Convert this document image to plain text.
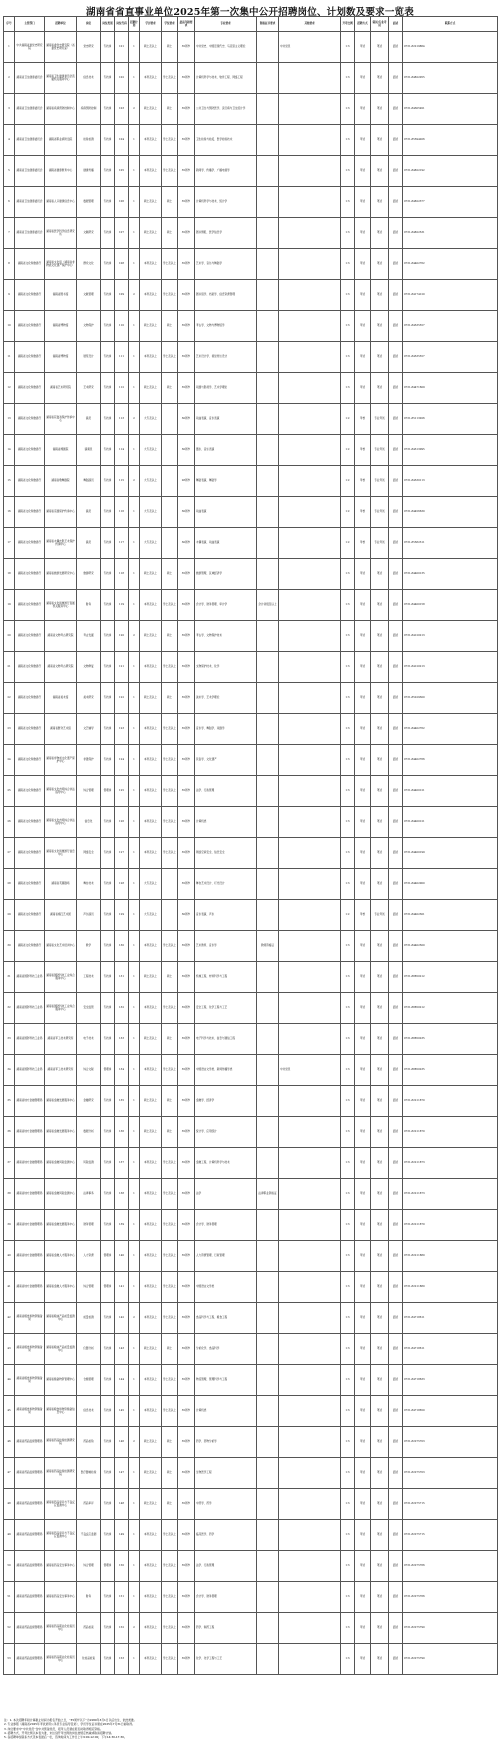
湖南省省直事业单位2025年第一次集中公开招聘岗位、计划数及要求一览表
序号	主管部门	招聘单位	岗位	岗位类别	岗位代码	招聘计划	学历要求	学位要求	最高年龄要求	专业要求	资格证书要求	其他要求	开考比例	招聘方式	笔试/专业考试	面试	联系方式
1	中共湖南省委党史研究院	湖南省委党史研究院（省委党史研究室）	党史研究	专技岗	101	1	硕士及以上	硕士	35周岁	中共党史、中国近现代史、马克思主义理论		中共党员	1:3	考试	笔试	面试	0731-82219864
2	湖南省卫生健康委员会	湖南省卫生健康委员会直属机关服务中心	信息技术	专技岗	102	1	本科及以上	学士及以上	35周岁	计算机科学与技术、软件工程、网络工程			1:3	考试	笔试	面试	0731-84822055
3	湖南省卫生健康委员会	湖南省疾病预防控制中心	疾病预防控制	专技岗	103	2	硕士及以上	硕士	35周岁	公共卫生与预防医学、流行病与卫生统计学			1:3	考试	笔试	面试	0731-84305921
4	湖南省卫生健康委员会	湖南省职业病防治院	检验检测	专技岗	104	1	本科及以上	学士及以上	35周岁	卫生检验与检疫、医学检验技术			1:3	考试	笔试	面试	0731-85594206
5	湖南省卫生健康委员会	湖南省健康教育中心	健康传播	专技岗	105	1	本科及以上	学士及以上	35周岁	新闻学、传播学、广播电视学			1:3	考试	笔试	面试	0731-84822192
6	湖南省卫生健康委员会	湖南省人口健康信息中心	数据管理	专技岗	106	1	硕士及以上	硕士	35周岁	计算机科学与技术、统计学			1:3	考试	笔试	面试	0731-84822377
7	湖南省卫生健康委员会	湖南省医学科学信息研究所	文献研究	专技岗	107	1	硕士及以上	硕士	35周岁	图书情报、医学信息学			1:3	考试	笔试	面试	0731-84822531
8	湖南省文化和旅游厅	湖南省文化馆（湖南省非物质文化遗产保护中心）	群众文化	专技岗	108	1	本科及以上	学士及以上	35周岁	艺术学、音乐与舞蹈学			1:3	考试	笔试	面试	0731-84402762
9	湖南省文化和旅游厅	湖南省图书馆	文献管理	专技岗	109	2	本科及以上	学士及以上	35周岁	图书馆学、档案学、信息资源管理			1:3	考试	笔试	面试	0731-84174120
10	湖南省文化和旅游厅	湖南省博物馆	文物保护	专技岗	110	1	硕士及以上	硕士	35周岁	考古学、文物与博物馆学			1:3	考试	笔试	面试	0731-84535557
11	湖南省文化和旅游厅	湖南省博物馆	展览设计	专技岗	111	1	本科及以上	学士及以上	35周岁	艺术设计学、视觉传达设计			1:3	考试	笔试	面试	0731-84535557
12	湖南省文化和旅游厅	湖南省艺术研究院	艺术研究	专技岗	112	1	硕士及以上	硕士	35周岁	戏剧与影视学、艺术学理论			1:3	考试	笔试	面试	0731-84471609
13	湖南省文化和旅游厅	湖南省花鼓戏保护传承中心	演员	专技岗	113	2	大专及以上		30周岁	戏曲表演、音乐表演			1:2	考核	专业考试	面试	0731-85113026
14	湖南省文化和旅游厅	湖南省湘剧院	演奏员	专技岗	114	1	大专及以上		30周岁	器乐、音乐表演			1:2	考核	专业考试	面试	0731-84313095
15	湖南省文化和旅游厅	湖南省歌舞剧院	舞蹈演员	专技岗	115	2	大专及以上		28周岁	舞蹈表演、舞蹈学			1:2	考核	专业考试	面试	0731-84530113
16	湖南省文化和旅游厅	湖南省京剧保护传承中心	演员	专技岗	116	1	大专及以上		30周岁	戏曲表演			1:2	考核	专业考试	面试	0731-84456630
17	湖南省文化和旅游厅	湖南省木偶皮影艺术保护传承中心	演员	专技岗	117	1	大专及以上		30周岁	木偶表演、戏曲表演			1:2	考核	专业考试	面试	0731-85582311
18	湖南省文化和旅游厅	湖南省旅游发展研究中心	旅游研究	专技岗	118	1	硕士及以上	硕士	35周岁	旅游管理、区域经济学			1:3	考试	笔试	面试	0731-84400135
19	湖南省文化和旅游厅	湖南省文化和旅游厅直属机关服务中心	财务	专技岗	119	1	本科及以上	学士及以上	35周岁	会计学、财务管理、审计学	会计初级及以上		1:3	考试	笔试	面试	0731-84400158
20	湖南省文化和旅游厅	湖南省文物考古研究院	考古发掘	专技岗	120	2	硕士及以上	硕士	35周岁	考古学、文物保护技术			1:3	考试	笔试	面试	0731-84120213
21	湖南省文化和旅游厅	湖南省文物考古研究院	文物修复	专技岗	121	1	本科及以上	学士及以上	35周岁	文物保护技术、化学			1:3	考试	笔试	面试	0731-84120213
22	湖南省文化和旅游厅	湖南省美术馆	美术研究	专技岗	122	1	硕士及以上	硕士	35周岁	美术学、艺术学理论			1:3	考试	笔试	面试	0731-85229300
23	湖南省文化和旅游厅	湖南省群众艺术馆	文艺辅导	专技岗	123	1	本科及以上	学士及以上	35周岁	音乐学、舞蹈学、戏剧学			1:3	考试	笔试	面试	0731-84402762
24	湖南省文化和旅游厅	湖南省非物质文化遗产保护中心	非遗保护	专技岗	124	1	本科及以上	学士及以上	35周岁	民俗学、文化遗产			1:3	考试	笔试	面试	0731-84402766
25	湖南省文化和旅游厅	湖南省文化市场综合执法指导中心	综合管理	管理岗	125	1	本科及以上	学士及以上	35周岁	法学、行政管理			1:3	考试	笔试	面试	0731-84400121
26	湖南省文化和旅游厅	湖南省文化市场综合执法指导中心	信息化	专技岗	126	1	本科及以上	学士及以上	35周岁	计算机类			1:3	考试	笔试	面试	0731-84400121
27	湖南省文化和旅游厅	湖南省文化和旅游厅信息中心	网络安全	专技岗	127	1	本科及以上	学士及以上	35周岁	网络空间安全、信息安全			1:3	考试	笔试	面试	0731-84400199
28	湖南省文化和旅游厅	湖南省芙蓉剧场	舞台技术	专技岗	128	1	大专及以上		35周岁	舞台艺术设计、灯光设计			1:3	考试	笔试	面试	0731-84402000
29	湖南省文化和旅游厅	湖南省湘江艺术团	声乐演员	专技岗	129	1	大专及以上		30周岁	音乐表演、声乐			1:2	考核	专业考试	面试	0731-84402301
30	湖南省文化和旅游厅	湖南省文化艺术培训中心	教学	专技岗	130	1	本科及以上	学士及以上	35周岁	艺术教育、音乐学	教师资格证		1:3	考试	笔试	面试	0731-84402500
31	湖南省国防科技工业局	湖南省国防科技工业综合服务中心	工程技术	专技岗	131	1	硕士及以上	硕士	35周岁	机械工程、材料科学与工程			1:3	考试	笔试	面试	0731-88850212
32	湖南省国防科技工业局	湖南省国防科技工业综合服务中心	安全监管	专技岗	132	1	本科及以上	学士及以上	35周岁	安全工程、化学工程与工艺			1:3	考试	笔试	面试	0731-88850212
33	湖南省国防科技工业局	湖南省军工技术研究所	电子技术	专技岗	133	1	硕士及以上	硕士	35周岁	电子科学与技术、信息与通信工程			1:3	考试	笔试	面试	0731-88850235
34	湖南省国防科技工业局	湖南省军工技术研究所	综合文秘	管理岗	134	1	本科及以上	学士及以上	35周岁	中国语言文学类、新闻传播学类		中共党员	1:3	考试	笔试	面试	0731-88850235
35	湖南省地方金融管理局	湖南省金融发展服务中心	金融研究	专技岗	135	1	硕士及以上	硕士	35周岁	金融学、经济学			1:3	考试	笔试	面试	0731-82211870
36	湖南省地方金融管理局	湖南省金融发展服务中心	数据分析	专技岗	136	1	硕士及以上	硕士	35周岁	统计学、应用统计			1:3	考试	笔试	面试	0731-82211870
37	湖南省地方金融管理局	湖南省金融风险监测中心	风险监测	专技岗	137	1	本科及以上	学士及以上	35周岁	金融工程、计算机科学与技术			1:3	考试	笔试	面试	0731-82211873
38	湖南省地方金融管理局	湖南省金融风险监测中心	法律事务	专技岗	138	1	本科及以上	学士及以上	35周岁	法学	法律职业资格证		1:3	考试	笔试	面试	0731-82211873
39	湖南省地方金融管理局	湖南省金融发展服务中心	财务管理	专技岗	139	1	本科及以上	学士及以上	35周岁	会计学、财务管理			1:3	考试	笔试	面试	0731-82211870
40	湖南省地方金融管理局	湖南省金融人才服务中心	人力资源	管理岗	140	1	本科及以上	学士及以上	35周岁	人力资源管理、行政管理			1:3	考试	笔试	面试	0731-82211880
41	湖南省地方金融管理局	湖南省金融人才服务中心	综合管理	管理岗	141	1	本科及以上	学士及以上	35周岁	中国语言文学类			1:3	考试	笔试	面试	0731-82211880
42	湖南省粮食和物资储备局	湖南省粮油产品质量监测中心	质量检测	专技岗	142	2	本科及以上	学士及以上	35周岁	食品科学与工程、粮食工程			1:3	考试	笔试	面试	0731-84718611
43	湖南省粮食和物资储备局	湖南省粮油产品质量监测中心	仪器分析	专技岗	143	1	硕士及以上	硕士	35周岁	分析化学、食品科学			1:3	考试	笔试	面试	0731-84718611
44	湖南省粮食和物资储备局	湖南省储备物资管理中心	仓储管理	专技岗	144	1	本科及以上	学士及以上	35周岁	物流管理、管理科学与工程			1:3	考试	笔试	面试	0731-84718633
45	湖南省粮食和物资储备局	湖南省粮食和物资储备信息中心	信息技术	专技岗	145	1	本科及以上	学士及以上	35周岁	计算机类			1:3	考试	笔试	面试	0731-84718650
46	湖南省药品监督管理局	湖南省药品检验检测研究院	药品检验	专技岗	146	2	硕士及以上	硕士	35周岁	药学、药物分析学			1:3	考试	笔试	面试	0731-82275703
47	湖南省药品监督管理局	湖南省药品检验检测研究院	医疗器械检验	专技岗	147	1	硕士及以上	硕士	35周岁	生物医学工程			1:3	考试	笔试	面试	0731-82275703
48	湖南省药品监督管理局	湖南省药品审评与不良反应监测中心	药品审评	专技岗	148	1	硕士及以上	硕士	35周岁	中药学、药学			1:3	考试	笔试	面试	0731-82275715
49	湖南省药品监督管理局	湖南省药品审评与不良反应监测中心	不良反应监测	专技岗	149	1	本科及以上	学士及以上	35周岁	临床医学、药学			1:3	考试	笔试	面试	0731-82275715
50	湖南省药品监督管理局	湖南省药品安全事务中心	综合管理	管理岗	150	1	本科及以上	学士及以上	35周岁	法学、行政管理			1:3	考试	笔试	面试	0731-82275766
51	湖南省药品监督管理局	湖南省药品安全事务中心	财务	专技岗	151	1	本科及以上	学士及以上	35周岁	会计学、财务管理			1:3	考试	笔试	面试	0731-82275766
52	湖南省药品监督管理局	湖南省药品职业化检查员中心	药品检查	专技岗	152	2	本科及以上	学士及以上	35周岁	药学、制药工程			1:3	考试	笔试	面试	0731-82275790
53	湖南省药品监督管理局	湖南省药品职业化检查员中心	化妆品检查	专技岗	153	1	本科及以上	学士及以上	35周岁	化学、化学工程与工艺			1:3	考试	笔试	面试	0731-82275790
注：1. 本次招聘年龄计算截止时间为报名开始之日，“35周岁以下”为1989年3月1日以后出生，依此类推。
2. 专业参照《湖南省2025年考试录用公务员专业指导目录》，学历学位证书须在2025年7月31日前取得。
3. 岗位要求中“中共党员”含中共预备党员，报考人员须在报名时取得相应资格。
4. 招聘方式、开考比例以本表为准，未达到开考比例的岗位按规定核减或取消招聘计划。
5. 各招聘单位联系方式见本表最后一栏，咨询时间为工作日上午9:00-12:00，下午14:30-17:30。
